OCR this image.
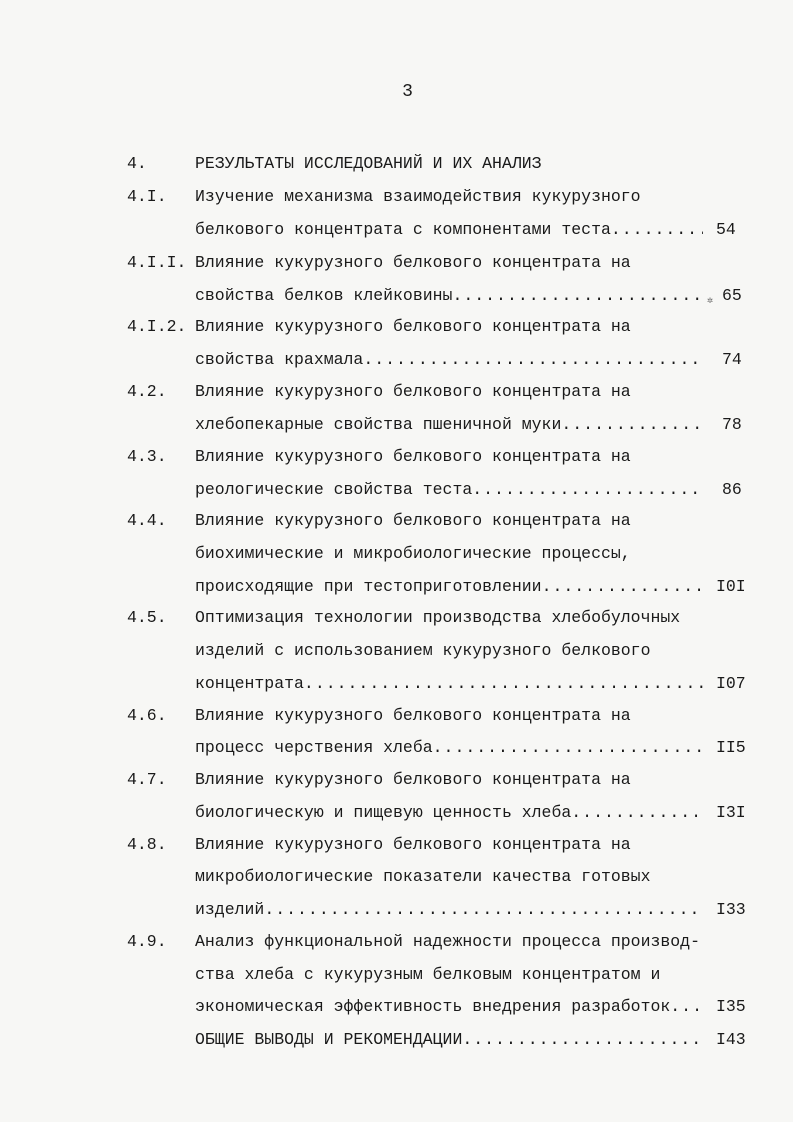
3
4.	РЕЗУЛЬТАТЫ ИССЛЕДОВАНИЙ И ИХ АНАЛИЗ
4.I. Изучение механизма взаимодействия кукурузного
белкового концентрата с компонентами теста .....	54
4.I.I. Влияние кукурузного белкового концентрата на
свойства белков клейковины .....	✲ 65
4.I.2. Влияние кукурузного белкового концентрата на
свойства крахмала .....	74
4.2. Влияние кукурузного белкового концентрата на
хлебопекарные свойства пшеничной муки .....	78
4.3. Влияние кукурузного белкового концентрата на
реологические свойства теста .....	86
4.4. Влияние кукурузного белкового концентрата на
биохимические и микробиологические процессы,
происходящие при тестоприготовлении .....	I0I
4.5. Оптимизация технологии производства хлебобулочных
изделий с использованием кукурузного белкового
концентрата .....	I07
4.6. Влияние кукурузного белкового концентрата на
процесс черствения хлеба .....	II5
4.7. Влияние кукурузного белкового концентрата на
биологическую и пищевую ценность хлеба .....	I3I
4.8. Влияние кукурузного белкового концентрата на
микробиологические показатели качества готовых
изделий .....	I33
4.9. Анализ функциональной надежности процесса производ-
ства хлеба с кукурузным белковым концентратом и
экономическая эффективность внедрения разработок .....	I35
ОБЩИЕ ВЫВОДЫ И РЕКОМЕНДАЦИИ .....	I43
